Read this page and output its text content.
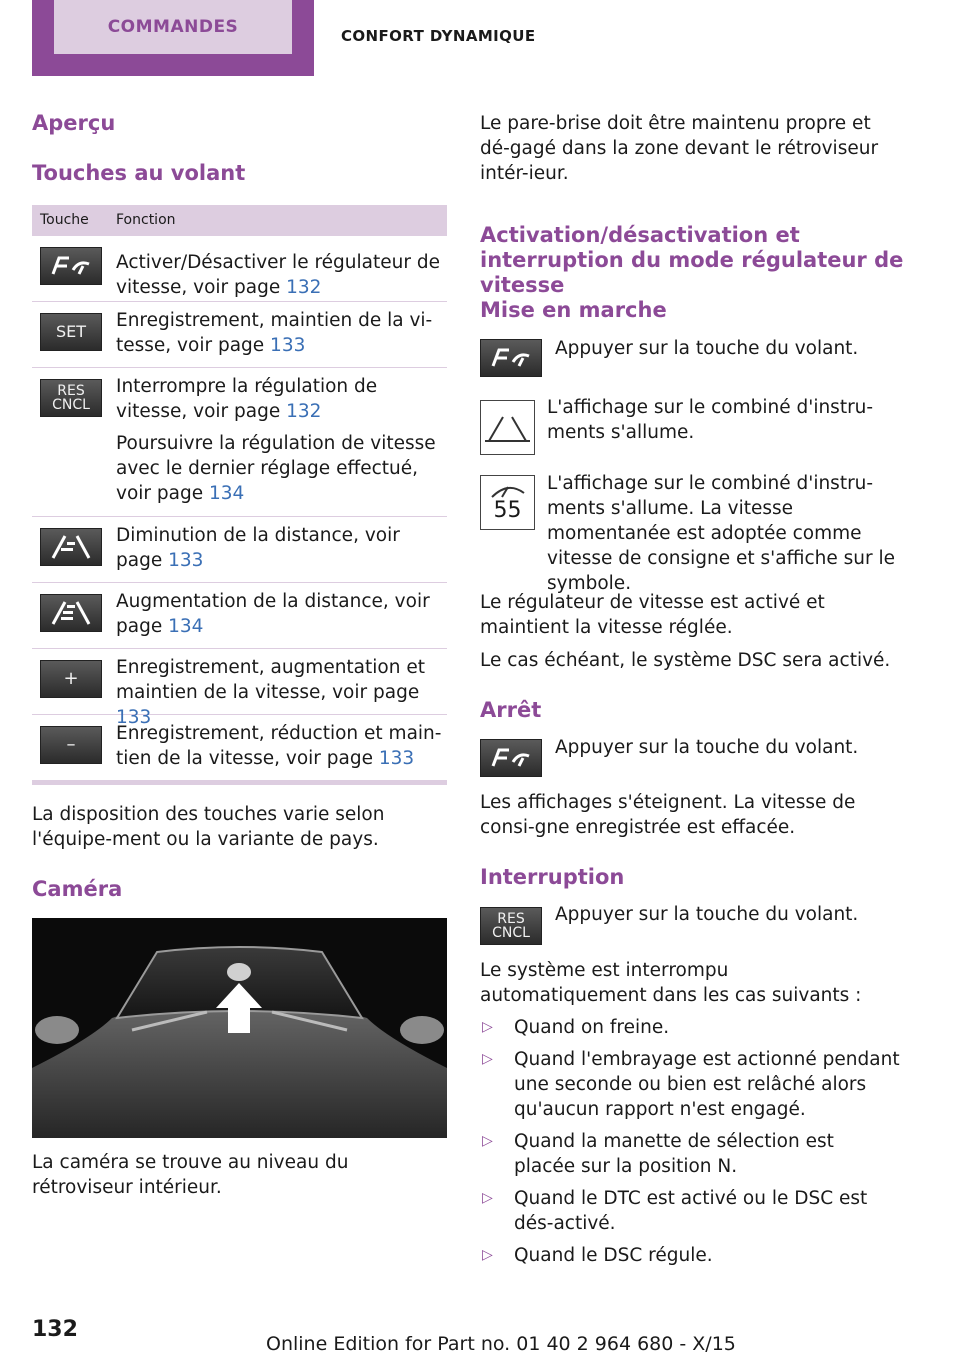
COMMANDES	CONFORT DYNAMIQUE
Aperçu
Touches au volant
Touche Fonction
Activer/Désactiver le régulateur de vitesse, voir page 132
SET
Enregistrement, maintien de la vi-tesse, voir page 133
RES CNCL

Interrompre la régulation de vitesse, voir page 132

Poursuivre la régulation de vitesse avec le dernier réglage effectué, voir page 134

Diminution de la distance, voir page 133
Augmentation de la distance, voir page 134
+
Enregistrement, augmentation et maintien de la vitesse, voir page 133
–
Enregistrement, réduction et main-tien de la vitesse, voir page 133

La disposition des touches varie selon l'équipe-ment ou la variante de pays.

Caméra

La caméra se trouve au niveau du rétroviseur intérieur.

Le pare-brise doit être maintenu propre et dé-gagé dans la zone devant le rétroviseur intér-ieur.

Activation/désactivation et interruption du mode régulateur de vitesse
Mise en marche

Appuyer sur la touche du volant.

L'affichage sur le combiné d'instru-ments s'allume.

55

L'affichage sur le combiné d'instru-ments s'allume. La vitesse momentanée est adoptée comme vitesse de consigne et s'affiche sur le symbole.

Le régulateur de vitesse est activé et maintient la vitesse réglée.

Le cas échéant, le système DSC sera activé.

Arrêt

Appuyer sur la touche du volant.

Les affichages s'éteignent. La vitesse de consi-gne enregistrée est effacée.

Interruption
RES CNCL

Appuyer sur la touche du volant.

Le système est interrompu automatiquement dans les cas suivants :

▷ Quand on freine.
▷ Quand l'embrayage est actionné pendant une seconde ou bien est relâché alors qu'aucun rapport n'est engagé.
▷ Quand la manette de sélection est placée sur la position N.
▷ Quand le DTC est activé ou le DSC est dés-activé.
▷ Quand le DSC régule.
132
Online Edition for Part no. 01 40 2 964 680 - X/15
